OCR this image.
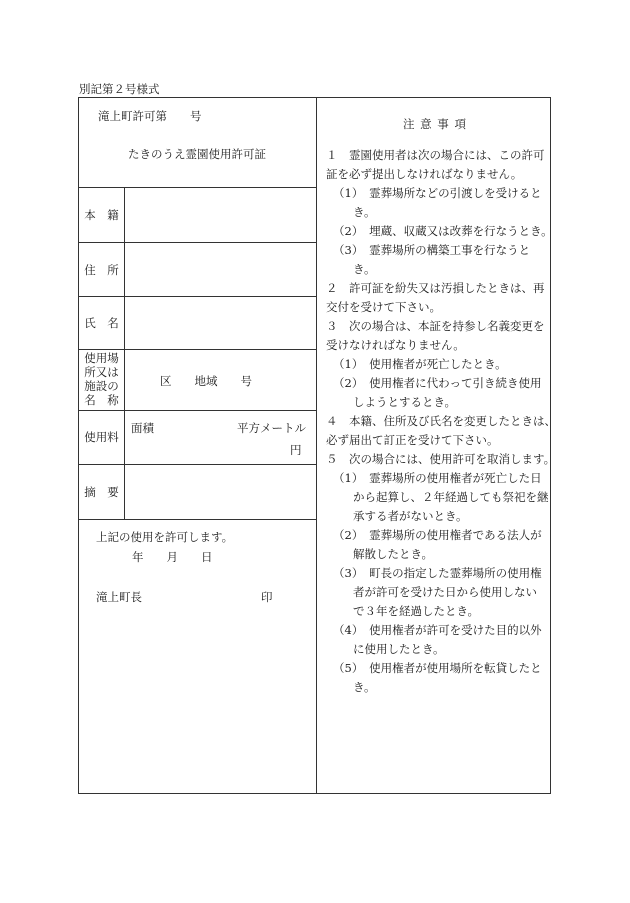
別記第２号様式
滝上町許可第　　号
たきのうえ霊園使用許可証
本　籍
住　所
氏　名
使用場
所又は
施設の
名　称
区　　地域　　号
使用料
面積	平方メートル
円
摘　要
上記の使用を許可します。
年　　月　　日
滝上町長	印
注 意 事 項
１　霊園使用者は次の場合には、この許可
証を必ず提出しなければなりません。
（1）　霊葬場所などの引渡しを受けると
き。
（2）　埋蔵、収蔵又は改葬を行なうとき。
（3）　霊葬場所の構築工事を行なうと
き。
２　許可証を紛失又は汚損したときは、再
交付を受けて下さい。
３　次の場合は、本証を持参し名義変更を
受けなければなりません。
（1）　使用権者が死亡したとき。
（2）　使用権者に代わって引き続き使用
しようとするとき。
４　本籍、住所及び氏名を変更したときは、
必ず届出て訂正を受けて下さい。
５　次の場合には、使用許可を取消します。
（1）　霊葬場所の使用権者が死亡した日
から起算し、２年経過しても祭祀を継
承する者がないとき。
（2）　霊葬場所の使用権者である法人が
解散したとき。
（3）　町長の指定した霊葬場所の使用権
者が許可を受けた日から使用しない
で３年を経過したとき。
（4）　使用権者が許可を受けた目的以外
に使用したとき。
（5）　使用権者が使用場所を転貸したと
き。
